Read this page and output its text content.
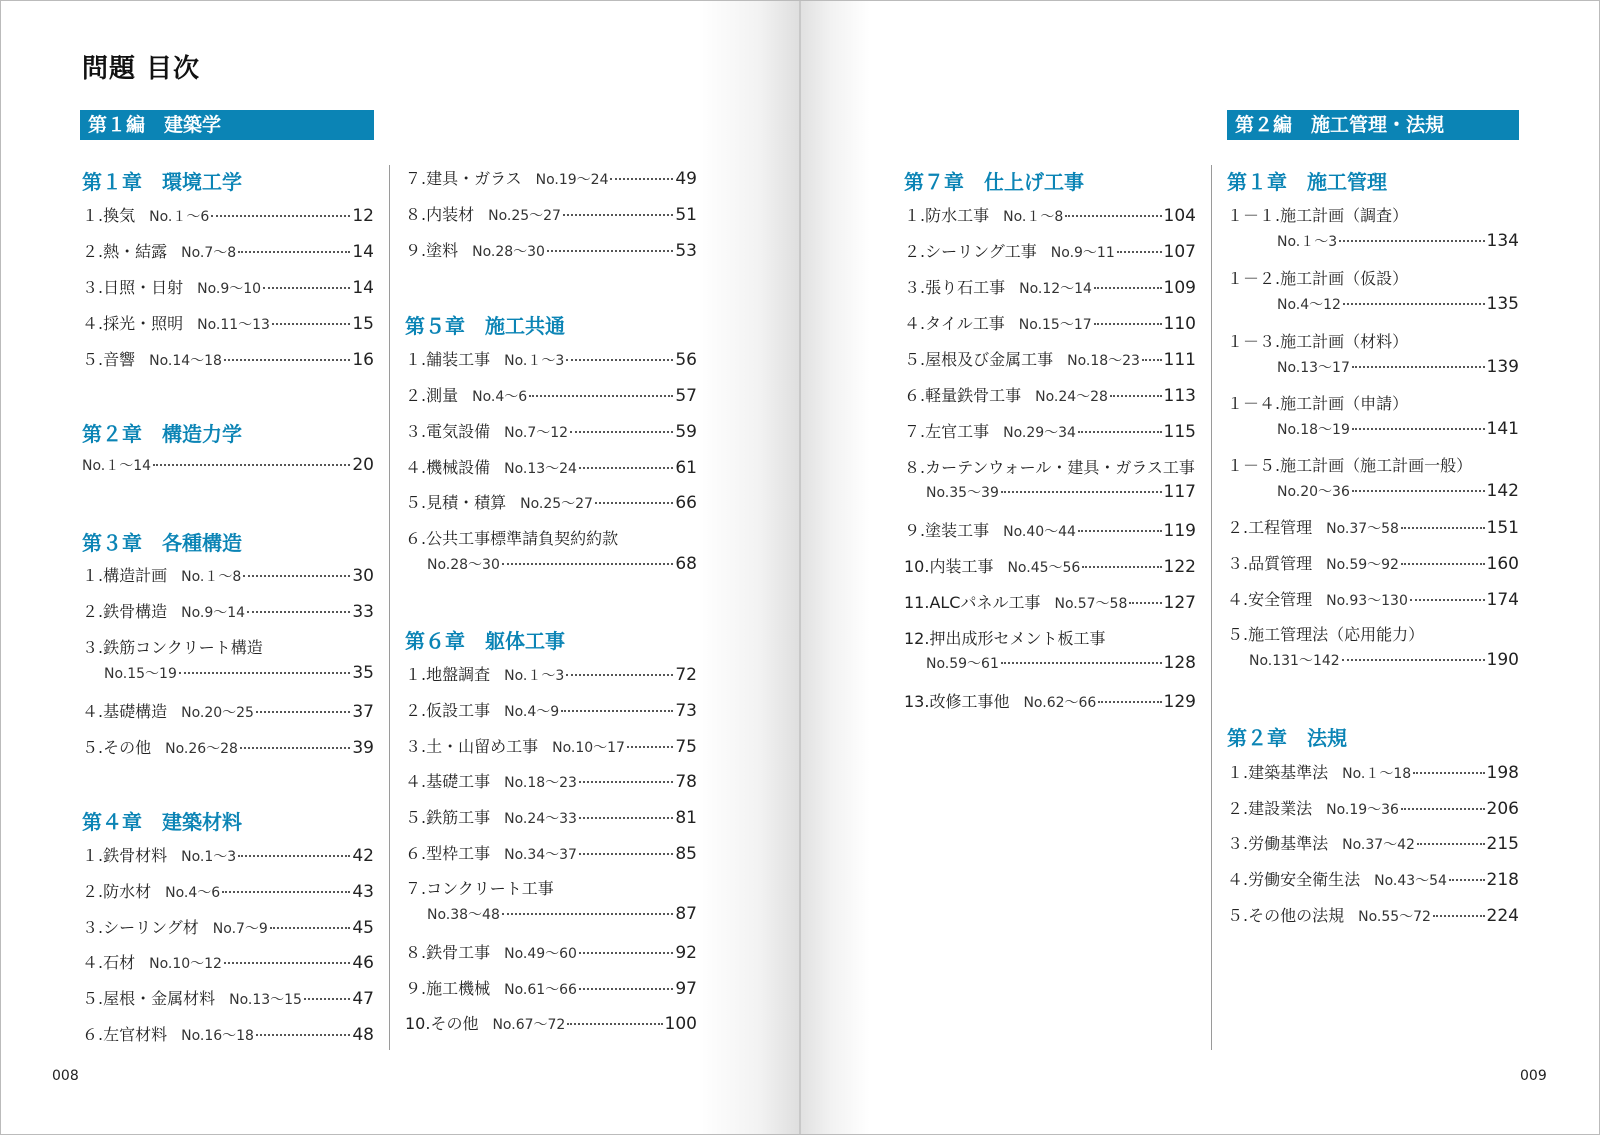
問題 目次
第１編　建築学	第２編　施工管理・法規
第１章　環境工学
１.換気 No.１～6	12
２.熱・結露 No.7～8	14
３.日照・日射 No.9～10	14
４.採光・照明 No.11～13	15
５.音響 No.14～18	16
第２章　構造力学
No.１～14	20
第３章　各種構造
１.構造計画 No.１～8	30
２.鉄骨構造 No.9～14	33
３.鉄筋コンクリート構造
No.15～19	35
４.基礎構造 No.20～25	37
５.その他 No.26～28	39
第４章　建築材料
１.鉄骨材料 No.1～3	42
２.防水材 No.4～6	43
３.シーリング材 No.7～9	45
４.石材 No.10～12	46
５.屋根・金属材料 No.13～15	47
６.左官材料 No.16～18	48
７.建具・ガラス No.19～24	49
８.内装材 No.25～27	51
９.塗料 No.28～30	53
第５章　施工共通
１.舗装工事 No.１～3	56
２.測量 No.4～6	57
３.電気設備 No.7～12	59
４.機械設備 No.13～24	61
５.見積・積算 No.25～27	66
６.公共工事標準請負契約約款
No.28～30	68
第６章　躯体工事
１.地盤調査 No.１～3	72
２.仮設工事 No.4～9	73
３.土・山留め工事 No.10～17	75
４.基礎工事 No.18～23	78
５.鉄筋工事 No.24～33	81
６.型枠工事 No.34～37	85
７.コンクリート工事
No.38～48	87
８.鉄骨工事 No.49～60	92
９.施工機械 No.61～66	97
10.その他 No.67～72	100
第７章　仕上げ工事
１.防水工事 No.１～8	104
２.シーリング工事 No.9～11	107
３.張り石工事 No.12～14	109
４.タイル工事 No.15～17	110
５.屋根及び金属工事 No.18～23 111
６.軽量鉄骨工事 No.24～28	113
７.左官工事 No.29～34	115
８.カーテンウォール・建具・ガラス工事
No.35～39	117
９.塗装工事 No.40～44	119
10.内装工事 No.45～56	122
11.ALCパネル工事 No.57～58 127
12.押出成形セメント板工事
No.59～61	128
13.改修工事他 No.62～66	129
第１章　施工管理
１－１.施工計画（調査）
No.１～3	134
１－２.施工計画（仮設）
No.4～12	135
１－３.施工計画（材料）
No.13～17	139
１－４.施工計画（申請）
No.18～19	141
１－５.施工計画（施工計画一般）
No.20～36	142
２.工程管理 No.37～58	151
３.品質管理 No.59～92	160
４.安全管理 No.93～130	174
５.施工管理法（応用能力）
No.131～142	190
第２章　法規
１.建築基準法 No.１～18	198
２.建設業法 No.19～36	206
３.労働基準法 No.37～42	215
４.労働安全衛生法 No.43～54 218
５.その他の法規 No.55～72	224
008	009
